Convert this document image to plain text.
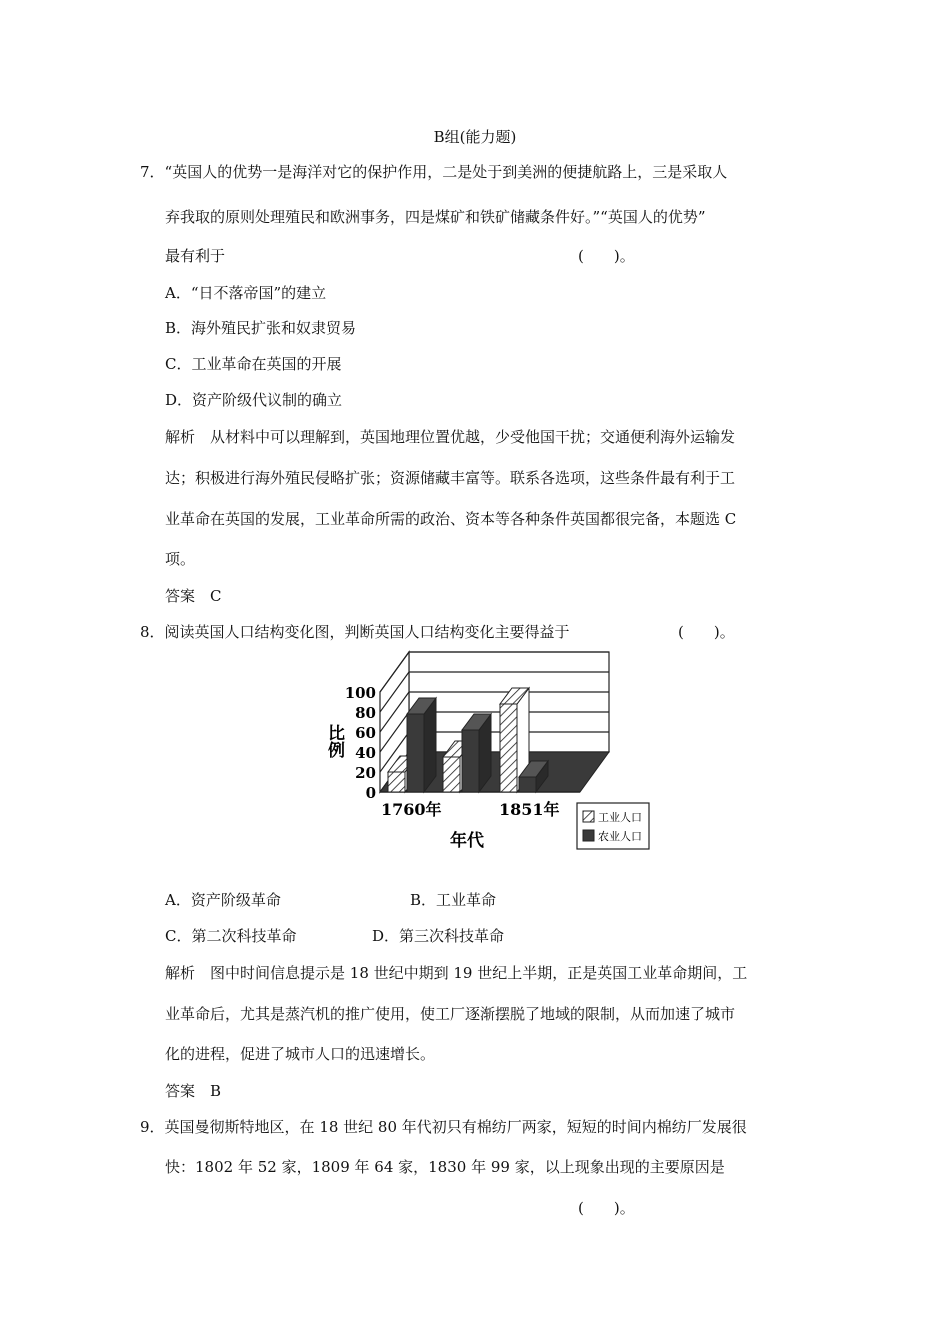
B组(能力题)
7．“英国人的优势一是海洋对它的保护作用，二是处于到美洲的便捷航路上，三是采取人
弃我取的原则处理殖民和欧洲事务，四是煤矿和铁矿储藏条件好。”“英国人的优势”
最有利于	(　　)。
A．“日不落帝国”的建立
B．海外殖民扩张和奴隶贸易
C．工业革命在英国的开展
D．资产阶级代议制的确立
解析　从材料中可以理解到，英国地理位置优越，少受他国干扰；交通便利海外运输发
达；积极进行海外殖民侵略扩张；资源储藏丰富等。联系各选项，这些条件最有利于工
业革命在英国的发展，工业革命所需的政治、资本等各种条件英国都很完备，本题选 C
项。
答案　C
8．阅读英国人口结构变化图，判断英国人口结构变化主要得益于	(　　)。
100
80
60
40
20
0
比例
1760年	1851年
年代
工业人口
农业人口
A．资产阶级革命	B．工业革命
C．第二次科技革命	D．第三次科技革命
解析　图中时间信息提示是 18 世纪中期到 19 世纪上半期，正是英国工业革命期间，工
业革命后，尤其是蒸汽机的推广使用，使工厂逐渐摆脱了地域的限制，从而加速了城市
化的进程，促进了城市人口的迅速增长。
答案　B
9．英国曼彻斯特地区，在 18 世纪 80 年代初只有棉纺厂两家，短短的时间内棉纺厂发展很
快：1802 年 52 家，1809 年 64 家，1830 年 99 家，以上现象出现的主要原因是
(　　)。
